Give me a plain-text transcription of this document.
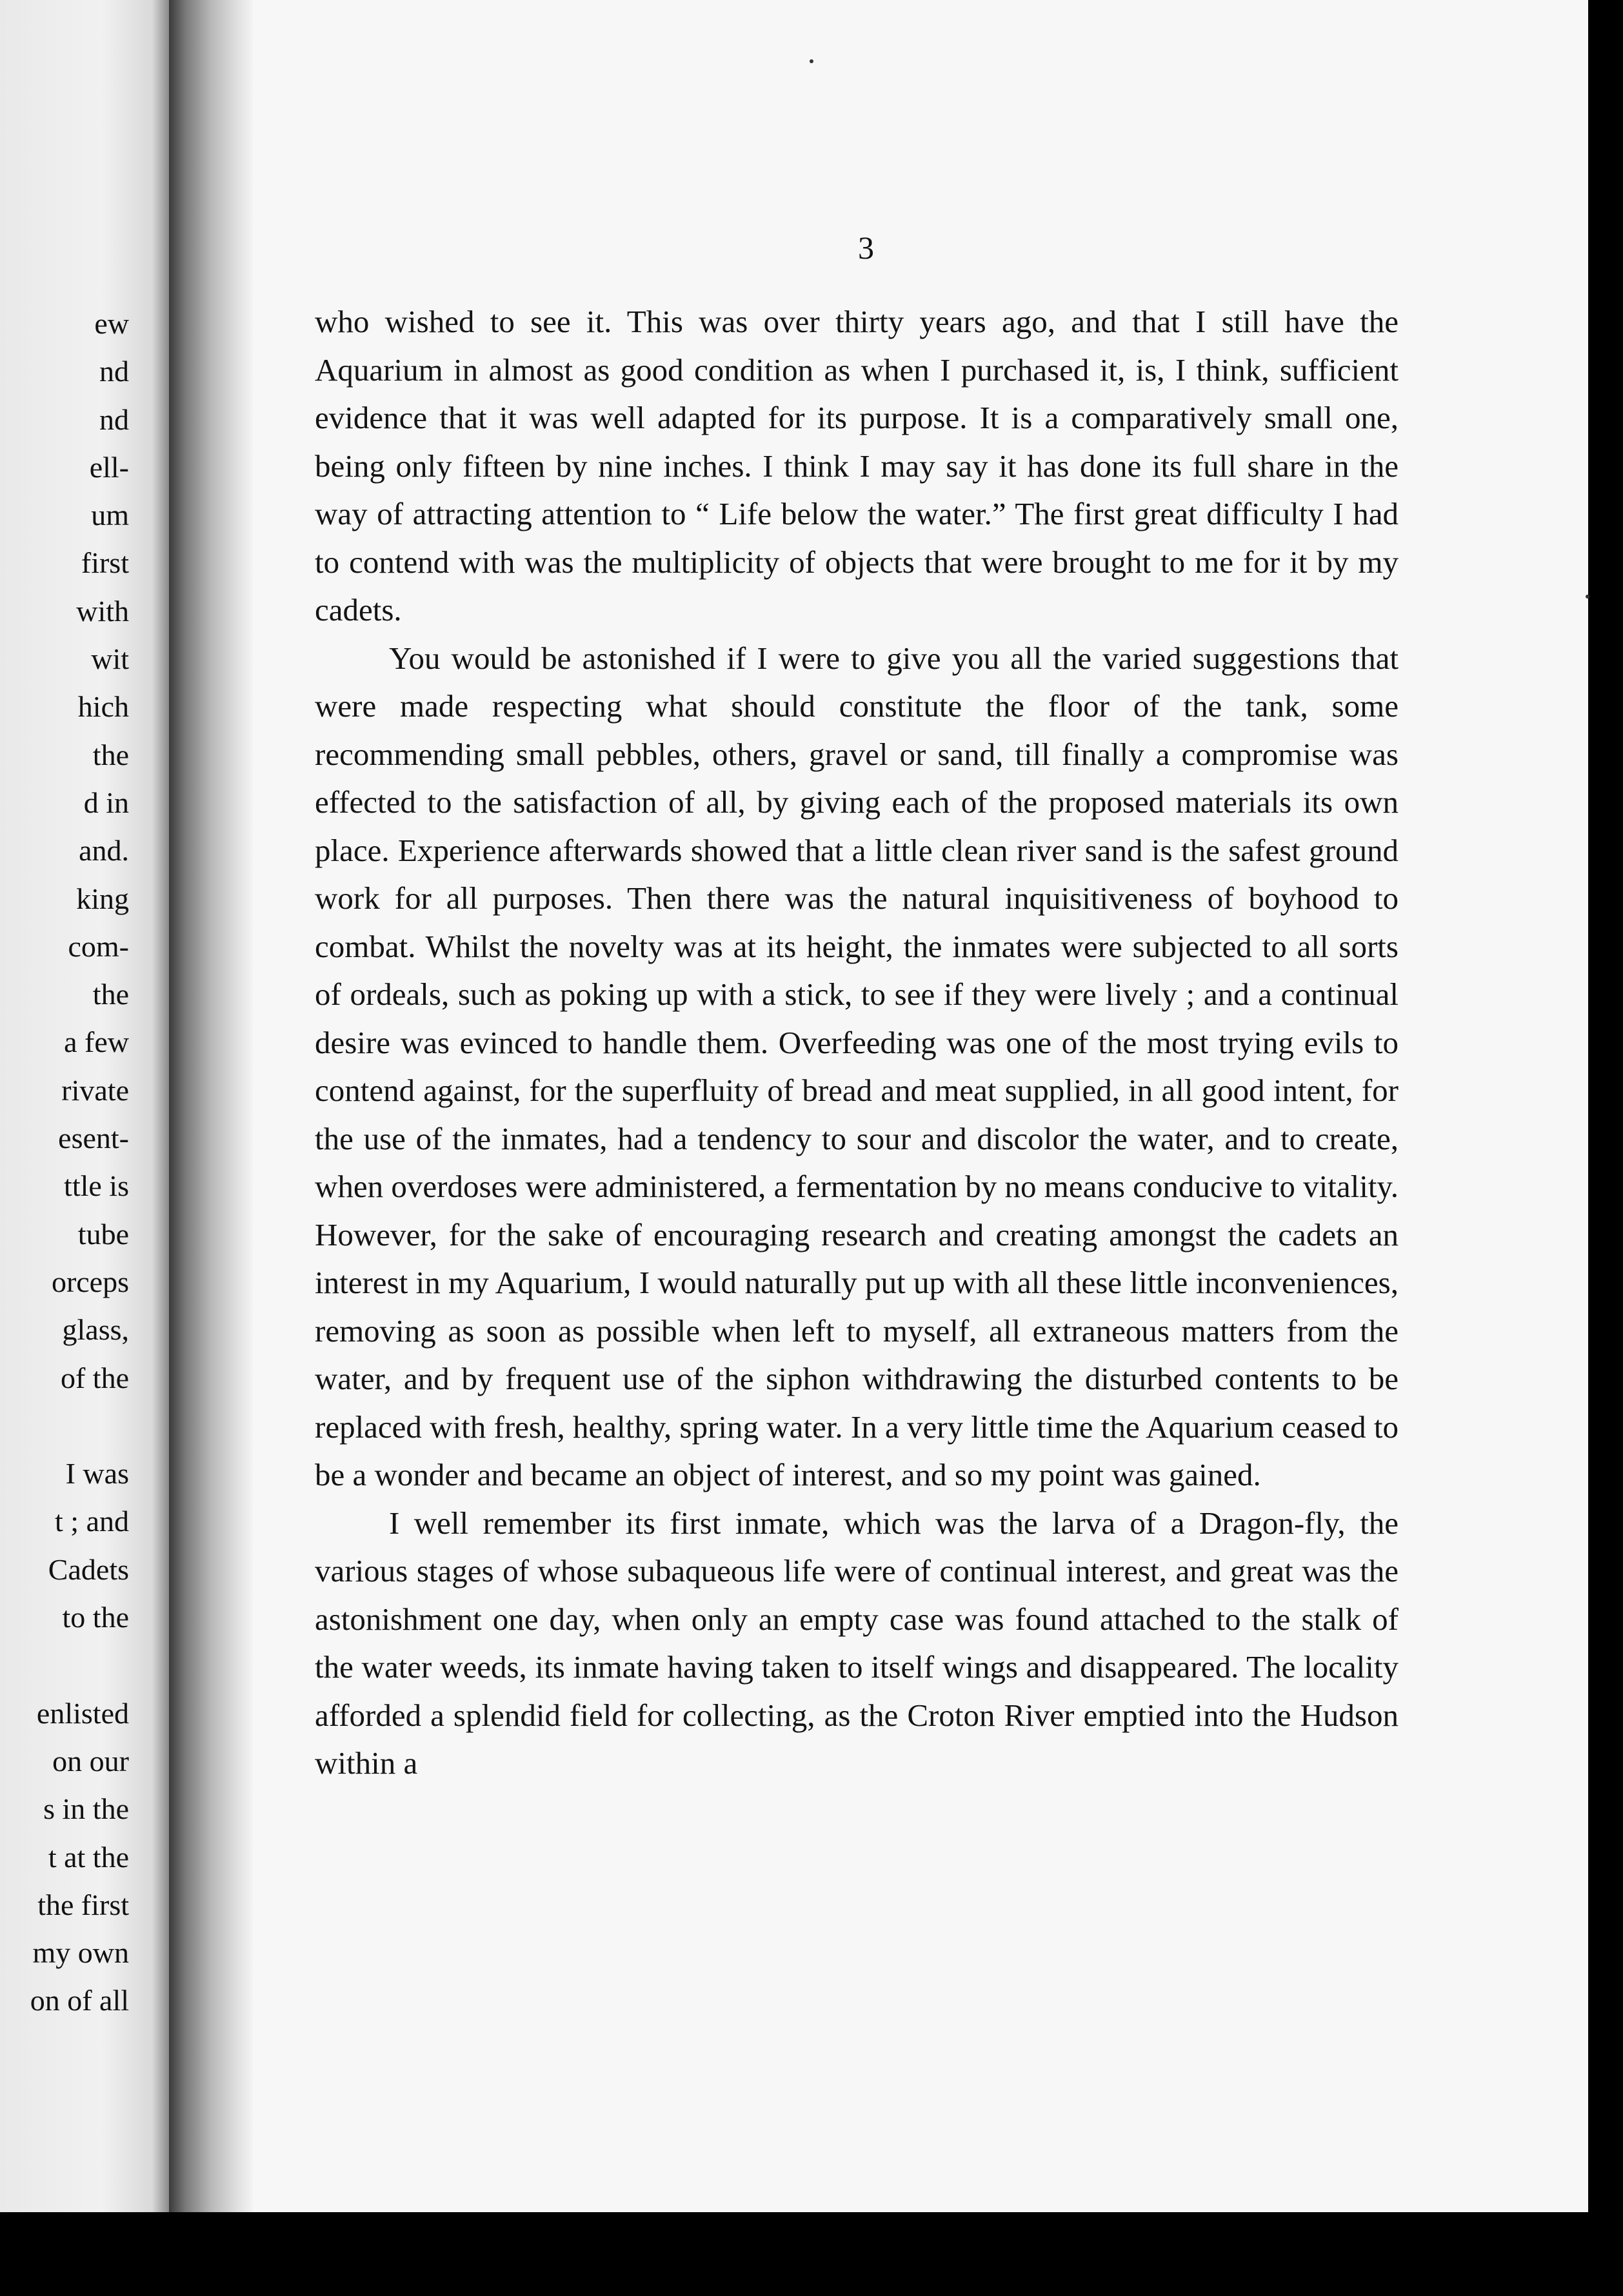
ew
nd
nd
ell-
um
first
with
wit
hich
the
d in
and.
king
com-
the
a few
rivate
esent-
ttle is
tube
orceps
glass,
of the
I was
t ; and
Cadets
to the
enlisted
on our
s in the
t at the
the first
my own
on of all
3

who wished to see it. This was over thirty years ago, and that I still have the Aquarium in almost as good condition as when I purchased it, is, I think, sufficient evidence that it was well adapted for its purpose. It is a comparatively small one, being only fifteen by nine inches. I think I may say it has done its full share in the way of attracting attention to “ Life below the water.” The first great difficulty I had to contend with was the multiplicity of objects that were brought to me for it by my cadets.

You would be astonished if I were to give you all the varied suggestions that were made respecting what should constitute the floor of the tank, some recommending small pebbles, others, gravel or sand, till finally a compromise was effected to the satisfaction of all, by giving each of the proposed materials its own place. Experience afterwards showed that a little clean river sand is the safest ground work for all purposes. Then there was the natural inquisitiveness of boyhood to combat. Whilst the novelty was at its height, the inmates were subjected to all sorts of ordeals, such as poking up with a stick, to see if they were lively ; and a continual desire was evinced to handle them. Overfeeding was one of the most trying evils to contend against, for the superfluity of bread and meat supplied, in all good intent, for the use of the inmates, had a tendency to sour and discolor the water, and to create, when overdoses were administered, a fermentation by no means conducive to vitality. However, for the sake of encouraging research and creating amongst the cadets an interest in my Aquarium, I would naturally put up with all these little inconveniences, removing as soon as possible when left to myself, all extraneous matters from the water, and by frequent use of the siphon withdrawing the disturbed contents to be replaced with fresh, healthy, spring water. In a very little time the Aquarium ceased to be a wonder and became an object of interest, and so my point was gained.

I well remember its first inmate, which was the larva of a Dragon-fly, the various stages of whose subaqueous life were of continual interest, and great was the astonishment one day, when only an empty case was found attached to the stalk of the water weeds, its inmate having taken to itself wings and disappeared. The locality afforded a splendid field for collecting, as the Croton River emptied into the Hudson within a
